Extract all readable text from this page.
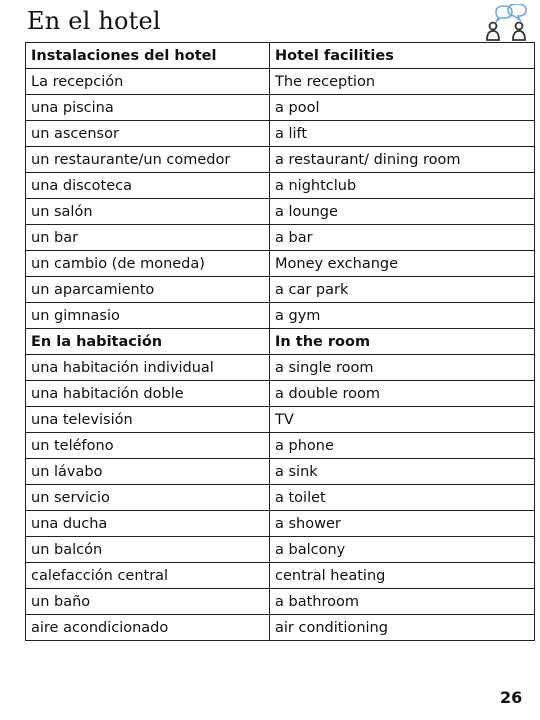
En el hotel
Instalaciones del hotel	Hotel facilities
La recepción	The reception
una piscina	a pool
un ascensor	a lift
un restaurante/un comedor	a restaurant/ dining room
una discoteca	a nightclub
un salón	a lounge
un bar	a bar
un cambio (de moneda)	Money exchange
un aparcamiento	a car park
un gimnasio	a gym
En la habitación	In the room
una habitación individual	a single room
una habitación doble	a double room
una televisión	TV
un teléfono	a phone
un lávabo	a sink
un servicio	a toilet
una ducha	a shower
un balcón	a balcony
calefacción central	central heating
un baño	a bathroom
aire acondicionado	air conditioning
26
